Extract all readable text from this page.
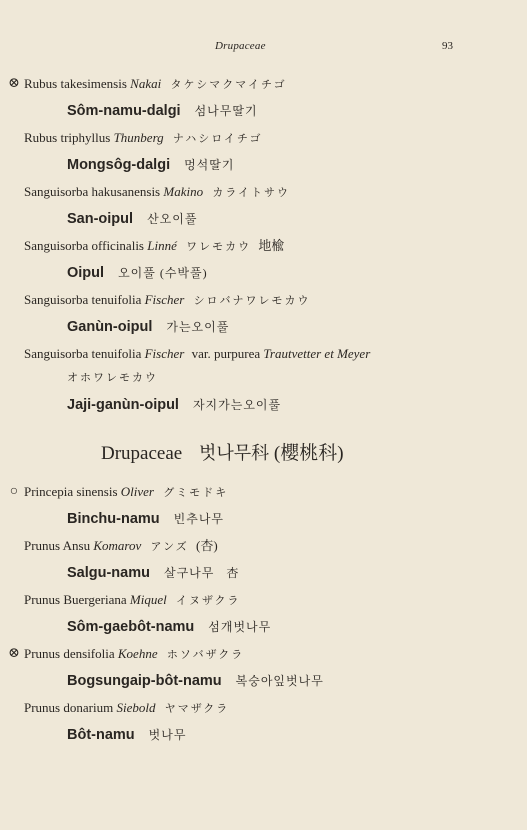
Drupaceae	93
⊗ Rubus takesimensis Nakai タケシマクマイチゴ
Sôm-namu-dalgi 섬나무딸기
Rubus triphyllus Thunberg ナハシロイチゴ
Mongsôg-dalgi 멍석딸기
Sanguisorba hakusanensis Makino カライトサウ
San-oipul 산오이풀
Sanguisorba officinalis Linné ワレモカウ 地楡
Oipul 오이풀 (수박풀)
Sanguisorba tenuifolia Fischer シロバナワレモカウ
Ganùn-oipul 가는오이풀
Sanguisorba tenuifolia Fischer var. purpurea Trautvetter et Meyer
オホワレモカウ
Jaji-ganùn-oipul 자지가는오이풀
Drupaceae 벗나무科 (櫻桃科)
○ Princepia sinensis Oliver グミモドキ
Binchu-namu 빈추나무
Prunus Ansu Komarov アンズ (杏)
Salgu-namu 살구나무 杏
Prunus Buergeriana Miquel イヌザクラ
Sôm-gaebôt-namu 섬개벗나무
⊗ Prunus densifolia Koehne ホソバザクラ
Bogsungaip-bôt-namu 복숭아잎벗나무
Prunus donarium Siebold ヤマザクラ
Bôt-namu 벗나무
